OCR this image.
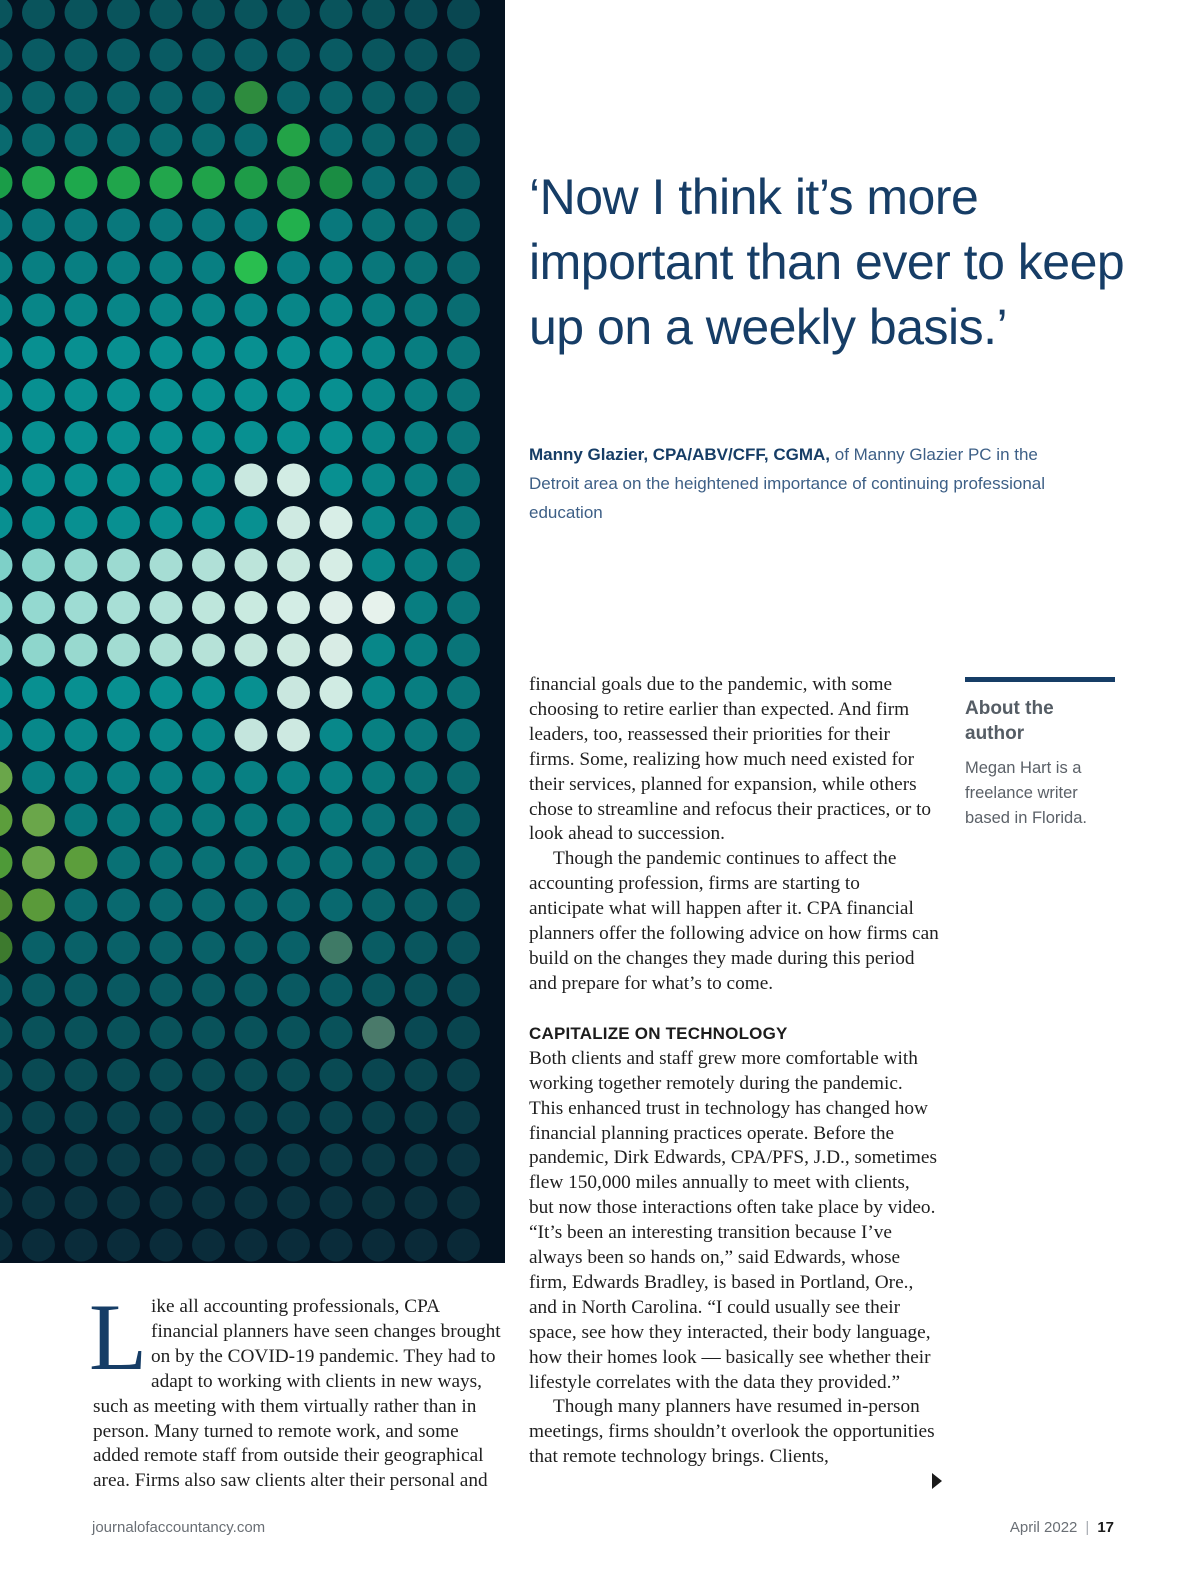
‘Now I think it’s more important than ever to keep up on a weekly basis.’
Manny Glazier, CPA/ABV/CFF, CGMA, of Manny Glazier PC in the Detroit area on the heightened importance of continuing professional education

Like all accounting professionals, CPA financial planners have seen changes brought on by the COVID-19 pandemic. They had to adapt to working with clients in new ways, such as meeting with them virtually rather than in person. Many turned to remote work, and some added remote staff from outside their geographical area. Firms also saw clients alter their personal and

financial goals due to the pandemic, with some choosing to retire earlier than expected. And firm leaders, too, reassessed their priorities for their firms. Some, realizing how much need existed for their services, planned for expansion, while others chose to streamline and refocus their practices, or to look ahead to succession.

Though the pandemic continues to affect the accounting profession, firms are starting to anticipate what will happen after it. CPA financial planners offer the following advice on how firms can build on the changes they made during this period and prepare for what’s to come.

CAPITALIZE ON TECHNOLOGY

Both clients and staff grew more comfortable with working together remotely during the pandemic. This enhanced trust in technology has changed how financial planning practices operate. Before the pandemic, Dirk Edwards, CPA/PFS, J.D., sometimes flew 150,000 miles annually to meet with clients, but now those interactions often take place by video. “It’s been an interesting transition because I’ve always been so hands on,” said Edwards, whose firm, Edwards Bradley, is based in Portland, Ore., and in North Carolina. “I could usually see their space, see how they interacted, their body language, how their homes look — basically see whether their lifestyle correlates with the data they provided.”

Though many planners have resumed in-person meetings, firms shouldn’t overlook the opportunities that remote technology brings. Clients,

About the author

Megan Hart is a freelance writer based in Florida.

journalofaccountancy.com	April 2022 | 17
